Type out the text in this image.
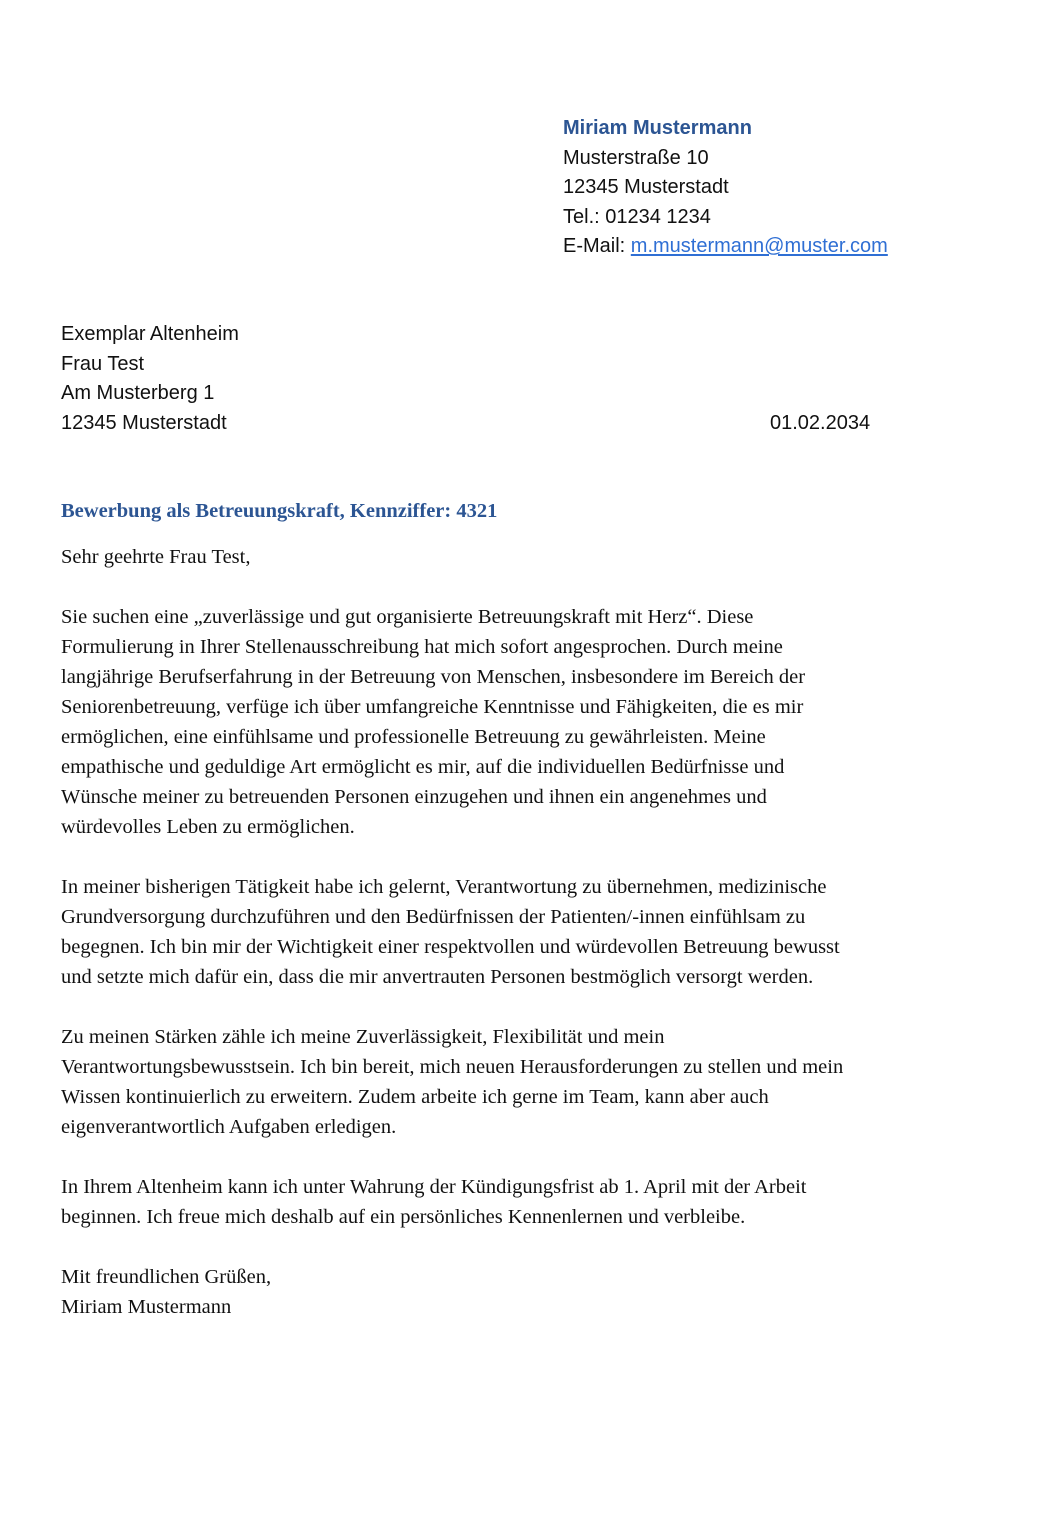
Miriam Mustermann
Musterstraße 10
12345 Musterstadt
Tel.: 01234 1234
E-Mail: m.mustermann@muster.com
Exemplar Altenheim
Frau Test
Am Musterberg 1
12345 Musterstadt	01.02.2034
Bewerbung als Betreuungskraft, Kennziffer: 4321
Sehr geehrte Frau Test,
Sie suchen eine „zuverlässige und gut organisierte Betreuungskraft mit Herz“. Diese
Formulierung in Ihrer Stellenausschreibung hat mich sofort angesprochen. Durch meine
langjährige Berufserfahrung in der Betreuung von Menschen, insbesondere im Bereich der
Seniorenbetreuung, verfüge ich über umfangreiche Kenntnisse und Fähigkeiten, die es mir
ermöglichen, eine einfühlsame und professionelle Betreuung zu gewährleisten. Meine
empathische und geduldige Art ermöglicht es mir, auf die individuellen Bedürfnisse und
Wünsche meiner zu betreuenden Personen einzugehen und ihnen ein angenehmes und
würdevolles Leben zu ermöglichen.
In meiner bisherigen Tätigkeit habe ich gelernt, Verantwortung zu übernehmen, medizinische
Grundversorgung durchzuführen und den Bedürfnissen der Patienten/-innen einfühlsam zu
begegnen. Ich bin mir der Wichtigkeit einer respektvollen und würdevollen Betreuung bewusst
und setzte mich dafür ein, dass die mir anvertrauten Personen bestmöglich versorgt werden.
Zu meinen Stärken zähle ich meine Zuverlässigkeit, Flexibilität und mein
Verantwortungsbewusstsein. Ich bin bereit, mich neuen Herausforderungen zu stellen und mein
Wissen kontinuierlich zu erweitern. Zudem arbeite ich gerne im Team, kann aber auch
eigenverantwortlich Aufgaben erledigen.
In Ihrem Altenheim kann ich unter Wahrung der Kündigungsfrist ab 1. April mit der Arbeit
beginnen. Ich freue mich deshalb auf ein persönliches Kennenlernen und verbleibe.
Mit freundlichen Grüßen,
Miriam Mustermann
